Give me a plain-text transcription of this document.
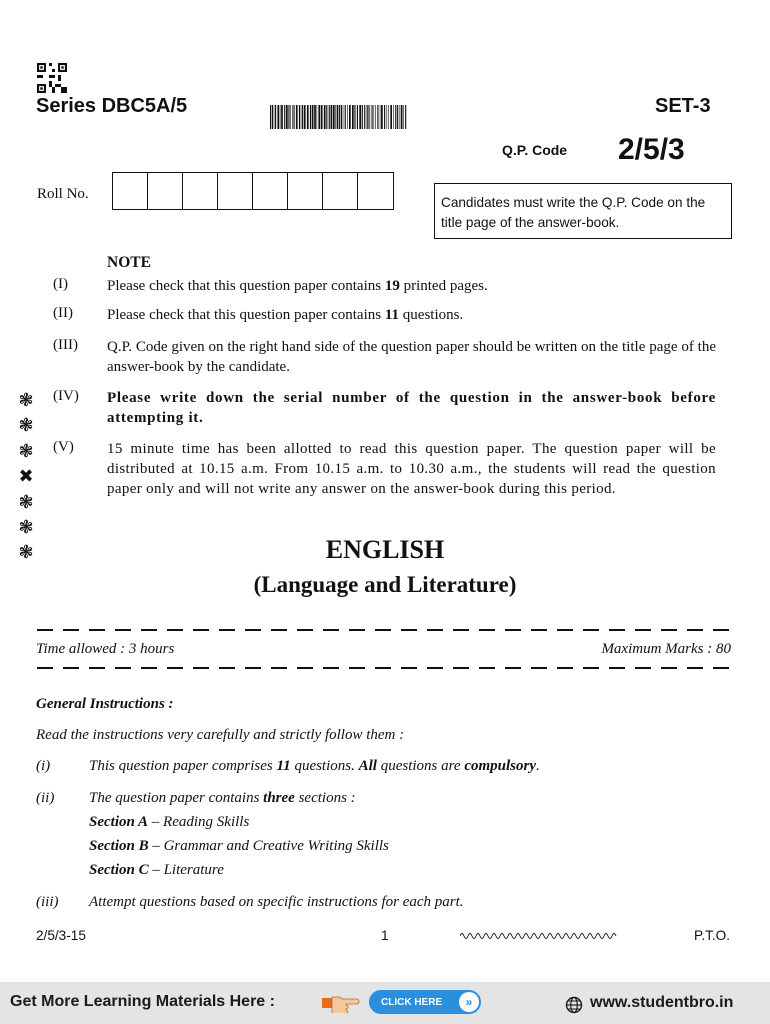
Series DBC5A/5	SET-3
Q.P. Code 2/5/3
Roll No.
Candidates must write the Q.P. Code on the title page of the answer-book.
NOTE
(I)	Please check that this question paper contains 19 printed pages.
(II) Please check that this question paper contains 11 questions.
(III) Q.P. Code given on the right hand side of the question paper should be written on the title page of the answer-book by the candidate.
(IV) Please write down the serial number of the question in the answer-book before attempting it.
(V) 15 minute time has been allotted to read this question paper. The question paper will be distributed at 10.15 a.m. From 10.15 a.m. to 10.30 a.m., the students will read the question paper only and will not write any answer on the answer-book during this period.
❃
❃
❃
✖
❃
❃
❃	ENGLISH
(Language and Literature)
Time allowed : 3 hours	Maximum Marks : 80
General Instructions :
Read the instructions very carefully and strictly follow them :
(i)	This question paper comprises 11 questions. All questions are compulsory.
(ii) The question paper contains three sections :
Section A – Reading Skills
Section B – Grammar and Creative Writing Skills
Section C – Literature
(iii) Attempt questions based on specific instructions for each part.
2/5/3-15	1	P.T.O.
Get More Learning Materials Here :	CLICK HERE	»	www.studentbro.in
